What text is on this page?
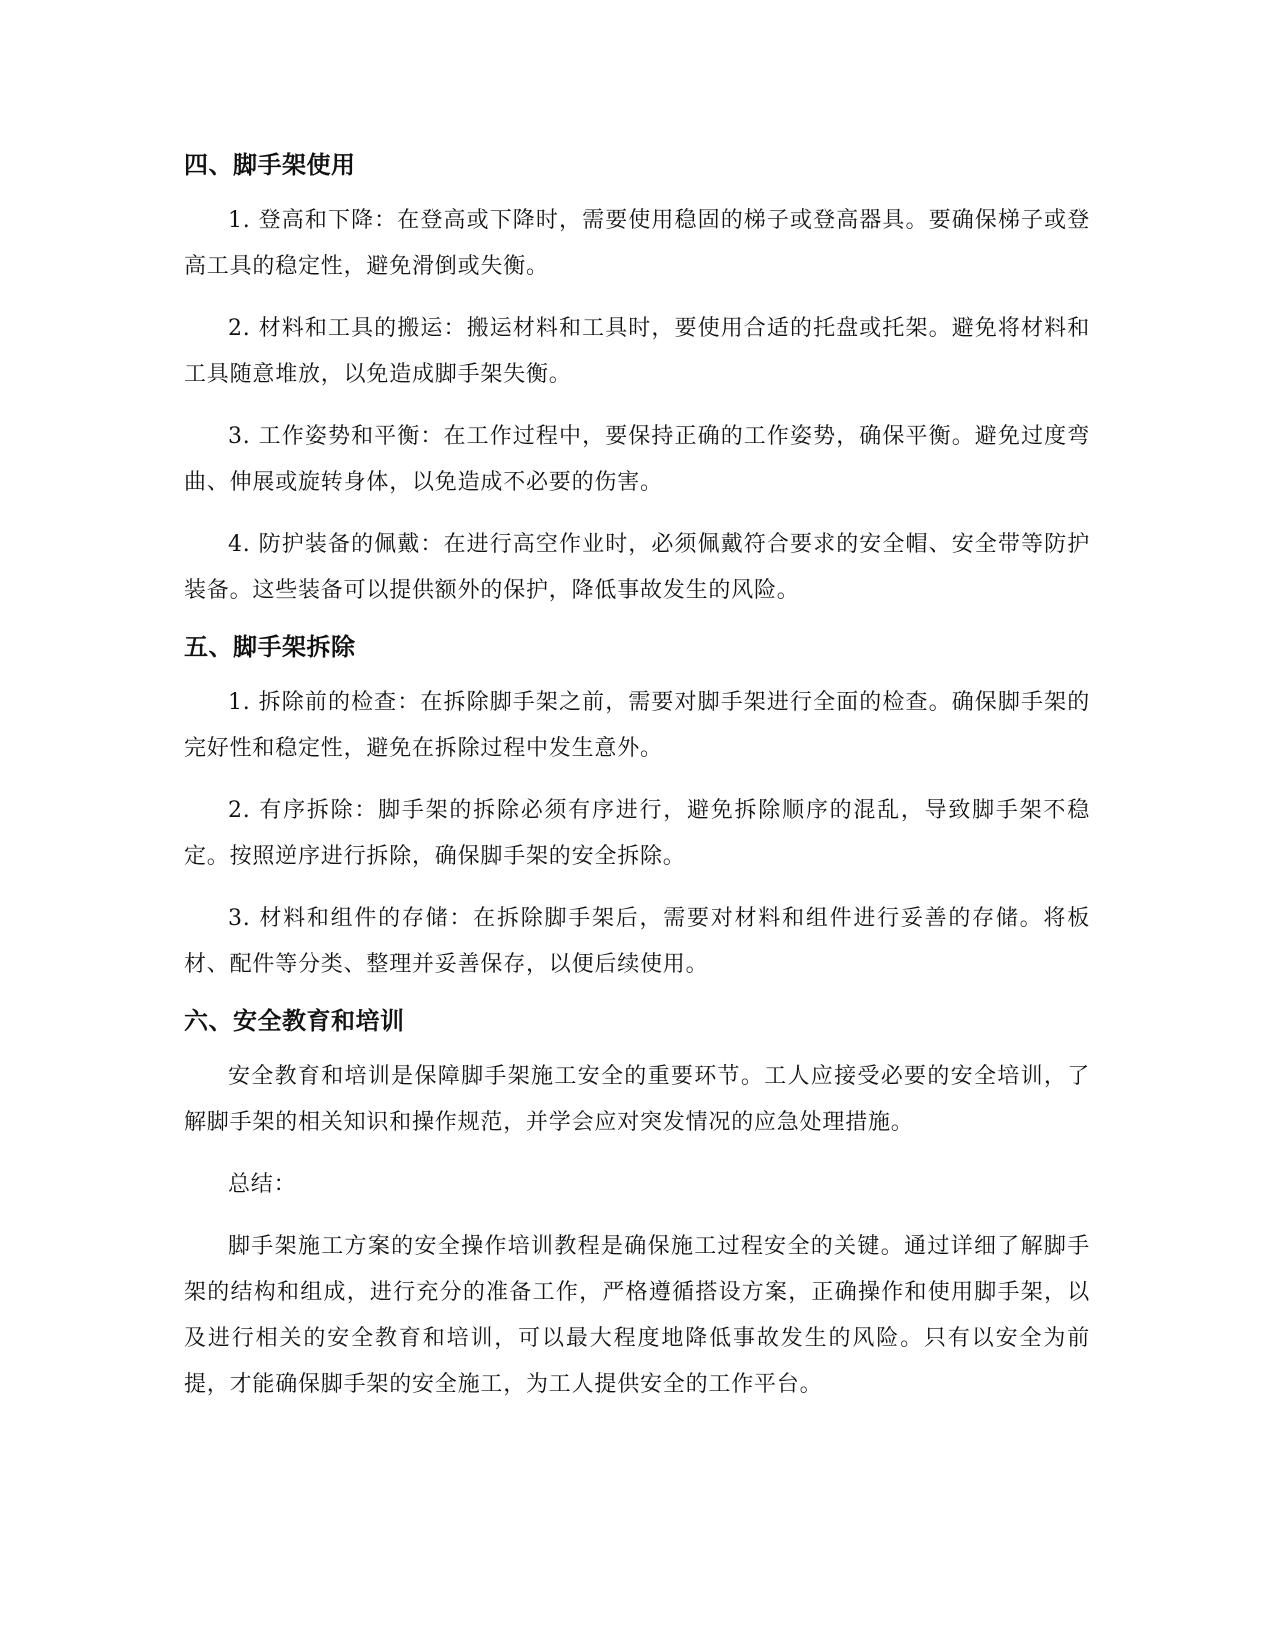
四、脚手架使用

1. 登高和下降：在登高或下降时，需要使用稳固的梯子或登高器具。要确保梯子或登高工具的稳定性，避免滑倒或失衡。

2. 材料和工具的搬运：搬运材料和工具时，要使用合适的托盘或托架。避免将材料和工具随意堆放，以免造成脚手架失衡。

3. 工作姿势和平衡：在工作过程中，要保持正确的工作姿势，确保平衡。避免过度弯曲、伸展或旋转身体，以免造成不必要的伤害。

4. 防护装备的佩戴：在进行高空作业时，必须佩戴符合要求的安全帽、安全带等防护装备。这些装备可以提供额外的保护，降低事故发生的风险。

五、脚手架拆除

1. 拆除前的检查：在拆除脚手架之前，需要对脚手架进行全面的检查。确保脚手架的完好性和稳定性，避免在拆除过程中发生意外。

2. 有序拆除：脚手架的拆除必须有序进行，避免拆除顺序的混乱，导致脚手架不稳定。按照逆序进行拆除，确保脚手架的安全拆除。

3. 材料和组件的存储：在拆除脚手架后，需要对材料和组件进行妥善的存储。将板材、配件等分类、整理并妥善保存，以便后续使用。

六、安全教育和培训

安全教育和培训是保障脚手架施工安全的重要环节。工人应接受必要的安全培训，了解脚手架的相关知识和操作规范，并学会应对突发情况的应急处理措施。

总结：

脚手架施工方案的安全操作培训教程是确保施工过程安全的关键。通过详细了解脚手架的结构和组成，进行充分的准备工作，严格遵循搭设方案，正确操作和使用脚手架，以及进行相关的安全教育和培训，可以最大程度地降低事故发生的风险。只有以安全为前提，才能确保脚手架的安全施工，为工人提供安全的工作平台。
